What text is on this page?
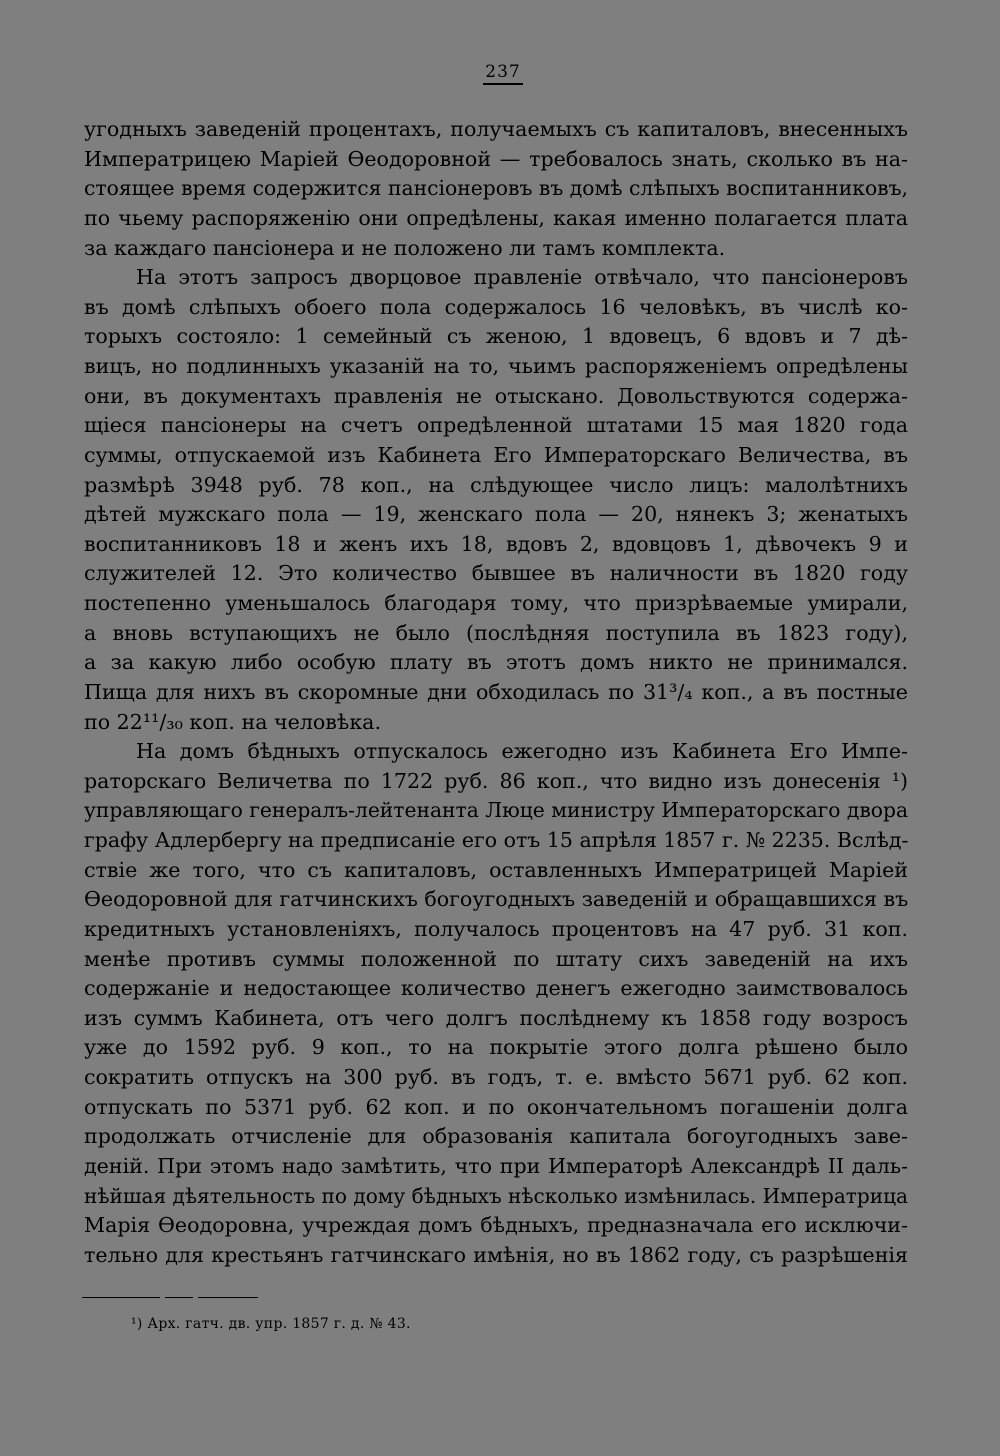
237
угодныхъ заведеній процентахъ, получаемыхъ съ капиталовъ, внесенныхъ
Императрицею Маріей Өеодоровной — требовалось знать, сколько въ на-
стоящее время содержится пансіонеровъ въ домѣ слѣпыхъ воспитанниковъ,
по чьему распоряженію они опредѣлены, какая именно полагается плата
за каждаго пансіонера и не положено ли тамъ комплекта.
На этотъ запросъ дворцовое правленіе отвѣчало, что пансіонеровъ
въ домѣ слѣпыхъ обоего пола содержалось 16 человѣкъ, въ числѣ ко-
торыхъ состояло: 1 семейный съ женою, 1 вдовецъ, 6 вдовъ и 7 дѣ-
вицъ, но подлинныхъ указаній на то, чьимъ распоряженіемъ опредѣлены
они, въ документахъ правленія не отыскано. Довольствуются содержа-
щіеся пансіонеры на счетъ опредѣленной штатами 15 мая 1820 года
суммы, отпускаемой изъ Кабинета Его Императорскаго Величества, въ
размѣрѣ 3948 руб. 78 коп., на слѣдующее число лицъ: малолѣтнихъ
дѣтей мужскаго пола — 19, женскаго пола — 20, нянекъ 3; женатыхъ
воспитанниковъ 18 и женъ ихъ 18, вдовъ 2, вдовцовъ 1, дѣвочекъ 9 и
служителей 12. Это количество бывшее въ наличности въ 1820 году
постепенно уменьшалось благодаря тому, что призрѣваемые умирали,
а вновь вступающихъ не было (послѣдняя поступила въ 1823 году),
а за какую либо особую плату въ этотъ домъ никто не принимался.
Пища для нихъ въ скоромные дни обходилась по 31³/₄ коп., а въ постные
по 22¹¹/₃₀ коп. на человѣка.
На домъ бѣдныхъ отпускалось ежегодно изъ Кабинета Его Импе-
раторскаго Величетва по 1722 руб. 86 коп., что видно изъ донесенія ¹)
управляющаго генералъ-лейтенанта Люце министру Императорскаго двора
графу Адлербергу на предписаніе его отъ 15 апрѣля 1857 г. № 2235. Вслѣд-
ствіе же того, что съ капиталовъ, оставленныхъ Императрицей Маріей
Өеодоровной для гатчинскихъ богоугодныхъ заведеній и обращавшихся въ
кредитныхъ установленіяхъ, получалось процентовъ на 47 руб. 31 коп.
менѣе противъ суммы положенной по штату сихъ заведеній на ихъ
содержаніе и недостающее количество денегъ ежегодно заимствовалось
изъ суммъ Кабинета, отъ чего долгъ послѣднему къ 1858 году возросъ
уже до 1592 руб. 9 коп., то на покрытіе этого долга рѣшено было
сократить отпускъ на 300 руб. въ годъ, т. е. вмѣсто 5671 руб. 62 коп.
отпускать по 5371 руб. 62 коп. и по окончательномъ погашеніи долга
продолжать отчисленіе для образованія капитала богоугодныхъ заве-
деній. При этомъ надо замѣтить, что при Императорѣ Александрѣ II даль-
нѣйшая дѣятельность по дому бѣдныхъ нѣсколько измѣнилась. Императрица
Марія Өеодоровна, учреждая домъ бѣдныхъ, предназначала его исключи-
тельно для крестьянъ гатчинскаго имѣнія, но въ 1862 году, съ разрѣшенія
¹) Арх. гатч. дв. упр. 1857 г. д. № 43.
